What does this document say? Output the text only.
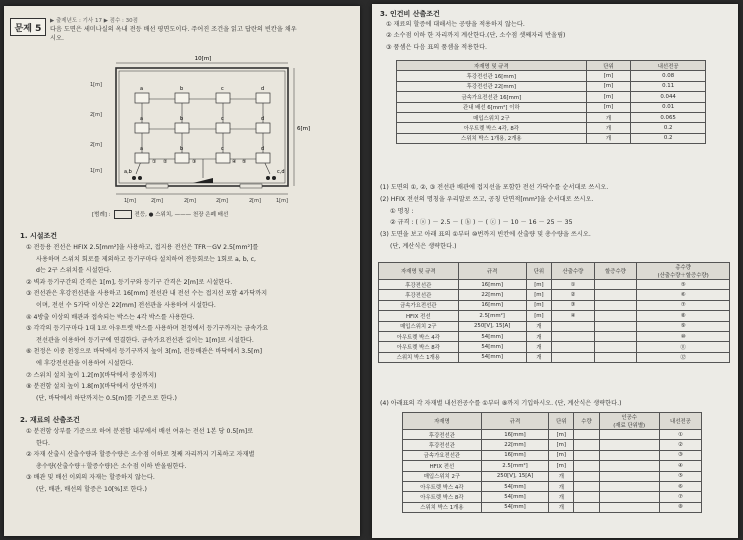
문제 5
▶ 출제년도 : 기사 17 ▶ 점수 : 30점
다음 도면은 세미나실의 옥내 전등 배선 평면도이다. 주어진 조건을 읽고 답란의 빈칸을 채우
시오.
10[m]
6[m]
1[m]
2[m]
2[m]
1[m]
1[m]	2[m]	2[m]	2[m]	2[m]	1[m]
a	b	c	d
a	b	c	d
a	b	c	d
① ②	③	④ ⑤
a,b	c,d
[범례] :	전등, ● 스위치, ——— 천장 은폐 배선
1. 시설조건
2. 재료의 산출조건
① 전등용 전선은 HFIX 2.5[mm²]을 사용하고, 접지용 전선은 TFR－GV 2.5[mm²]를
사용하며 스위치 회로를 제외하고 등기구마다 설치하여 전등회로는 1회로 a, b, c,
d는 2구 스위치를 시설한다.
② 벽과 등기구간의 간격은 1[m], 등기구와 등기구 간격은 2[m]로 시설한다.
③ 전선관은 후강전선관을 사용하고 16[mm] 전선관 내 전선 수는 접지선 포함 4가닥까지
이며, 전선 수 5가닥 이상은 22[mm] 전선관을 사용하여 시설한다.
④ 4방출 이상의 배관과 접속되는 박스는 4각 박스를 사용한다.
⑤ 각각의 등기구마다 1대 1로 아우트렛 박스를 사용하며 천정에서 등기구까지는 금속가요
전선관을 이용하여 등기구에 연결한다. 금속가요전선관 길이는 1[m]로 시설한다.
⑥ 천정은 이중 천정으로 바닥에서 등기구까지 높이 3[m], 전등배관은 바닥에서 3.5[m]
에 후강전선관을 이용하여 시설한다.
⑦ 스위치 설치 높이 1.2[m](바닥에서 중심까지)
⑧ 분전함 설치 높이 1.8[m](바닥에서 상단까지)
(단, 바닥에서 하단까지는 0.5[m]를 기준으로 한다.)
① 분전함 상부를 기준으로 하여 분전함 내부에서 배선 여유는 전선 1본 당 0.5[m]로
한다.
② 자재 산출시 산출수량과 할증수량은 소수점 이하로 첫째 자리까지 기록하고 자재별
총수량(산출수량＋할증수량)은 소수점 이하 반올림한다.
③ 배관 및 배선 이외의 자재는 할증하지 않는다.
(단, 배관, 배선의 할증은 10[%]로 한다.)
3. 인건비 산출조건
자재명 및 규격	단위	내선전공
후강전선관 16[mm]	[m]	0.08
후강전선관 22[mm]	[m]	0.11
금속가요전선관 16[mm]	[m]	0.044
관내 배선 6[mm²] 이하	[m]	0.01
매입스위치 2구	개	0.065
아우트렛 박스 4각, 8각	개	0.2
스위치 박스 1개용, 2개용	개	0.2
자재명 및 규격	규격	단위	산출수량	할증수량	총수량
(산출수량＋할증수량)
후강전선관	16[mm]	[m]	①		⑤
후강전선관	22[mm]	[m]	②		⑥
금속가요전선관	16[mm]	[m]	③		⑦
HFIX 전선	2.5[mm²]	[m]	④		⑧
매입스위치 2구	250[V], 15[A]	개			⑨
아우트렛 박스 4각	54[mm]	개			⑩
아우트렛 박스 8각	54[mm]	개			⑪
스위치 박스 1개용	54[mm]	개			⑫
(4) 아래표의 각 자재별 내선전공수를 ①부터 ⑧까지 기입하시오. (단, 계산식은 생략한다.)
자재명	규격	단위	수량	인공수
(재료 단위별)	내선전공
후강전선관	16[mm]	[m]			①
후강전선관	22[mm]	[m]			②
금속가요전선관	16[mm]	[m]			③
HFIX 전선	2.5[mm²]	[m]			④
매입스위치 2구	250[V], 15[A]	개			⑤
아우트렛 박스 4각	54[mm]	개			⑥
아우트렛 박스 8각	54[mm]	개			⑦
스위치 박스 1개용	54[mm]	개			⑧
① 재료의 할증에 대해서는 공량을 적용하지 않는다.
② 소수점 이하 한 자리까지 계산한다.(단, 소수점 셋째자리 반올림)
③ 품셈은 다음 표의 품셈을 적용한다.
(1) 도면의 ①, ②, ③ 전선관 배관에 접지선을 포함한 전선 가닥수를 순서대로 쓰시오.
(2) HFIX 전선의 명칭을 우리말로 쓰고, 공칭 단면적[mm²]을 순서대로 쓰시오.
① 명칭 :
② 규격 : ( ⓐ ) － 2.5 － ( ⓑ ) － ( ⓒ ) － 10 － 16 － 25 － 35
(3) 도면을 보고 아래 표의 ①부터 ⑩번까지 빈칸에 산출량 및 총수량을 쓰시오.
(단, 계산식은 생략한다.)
